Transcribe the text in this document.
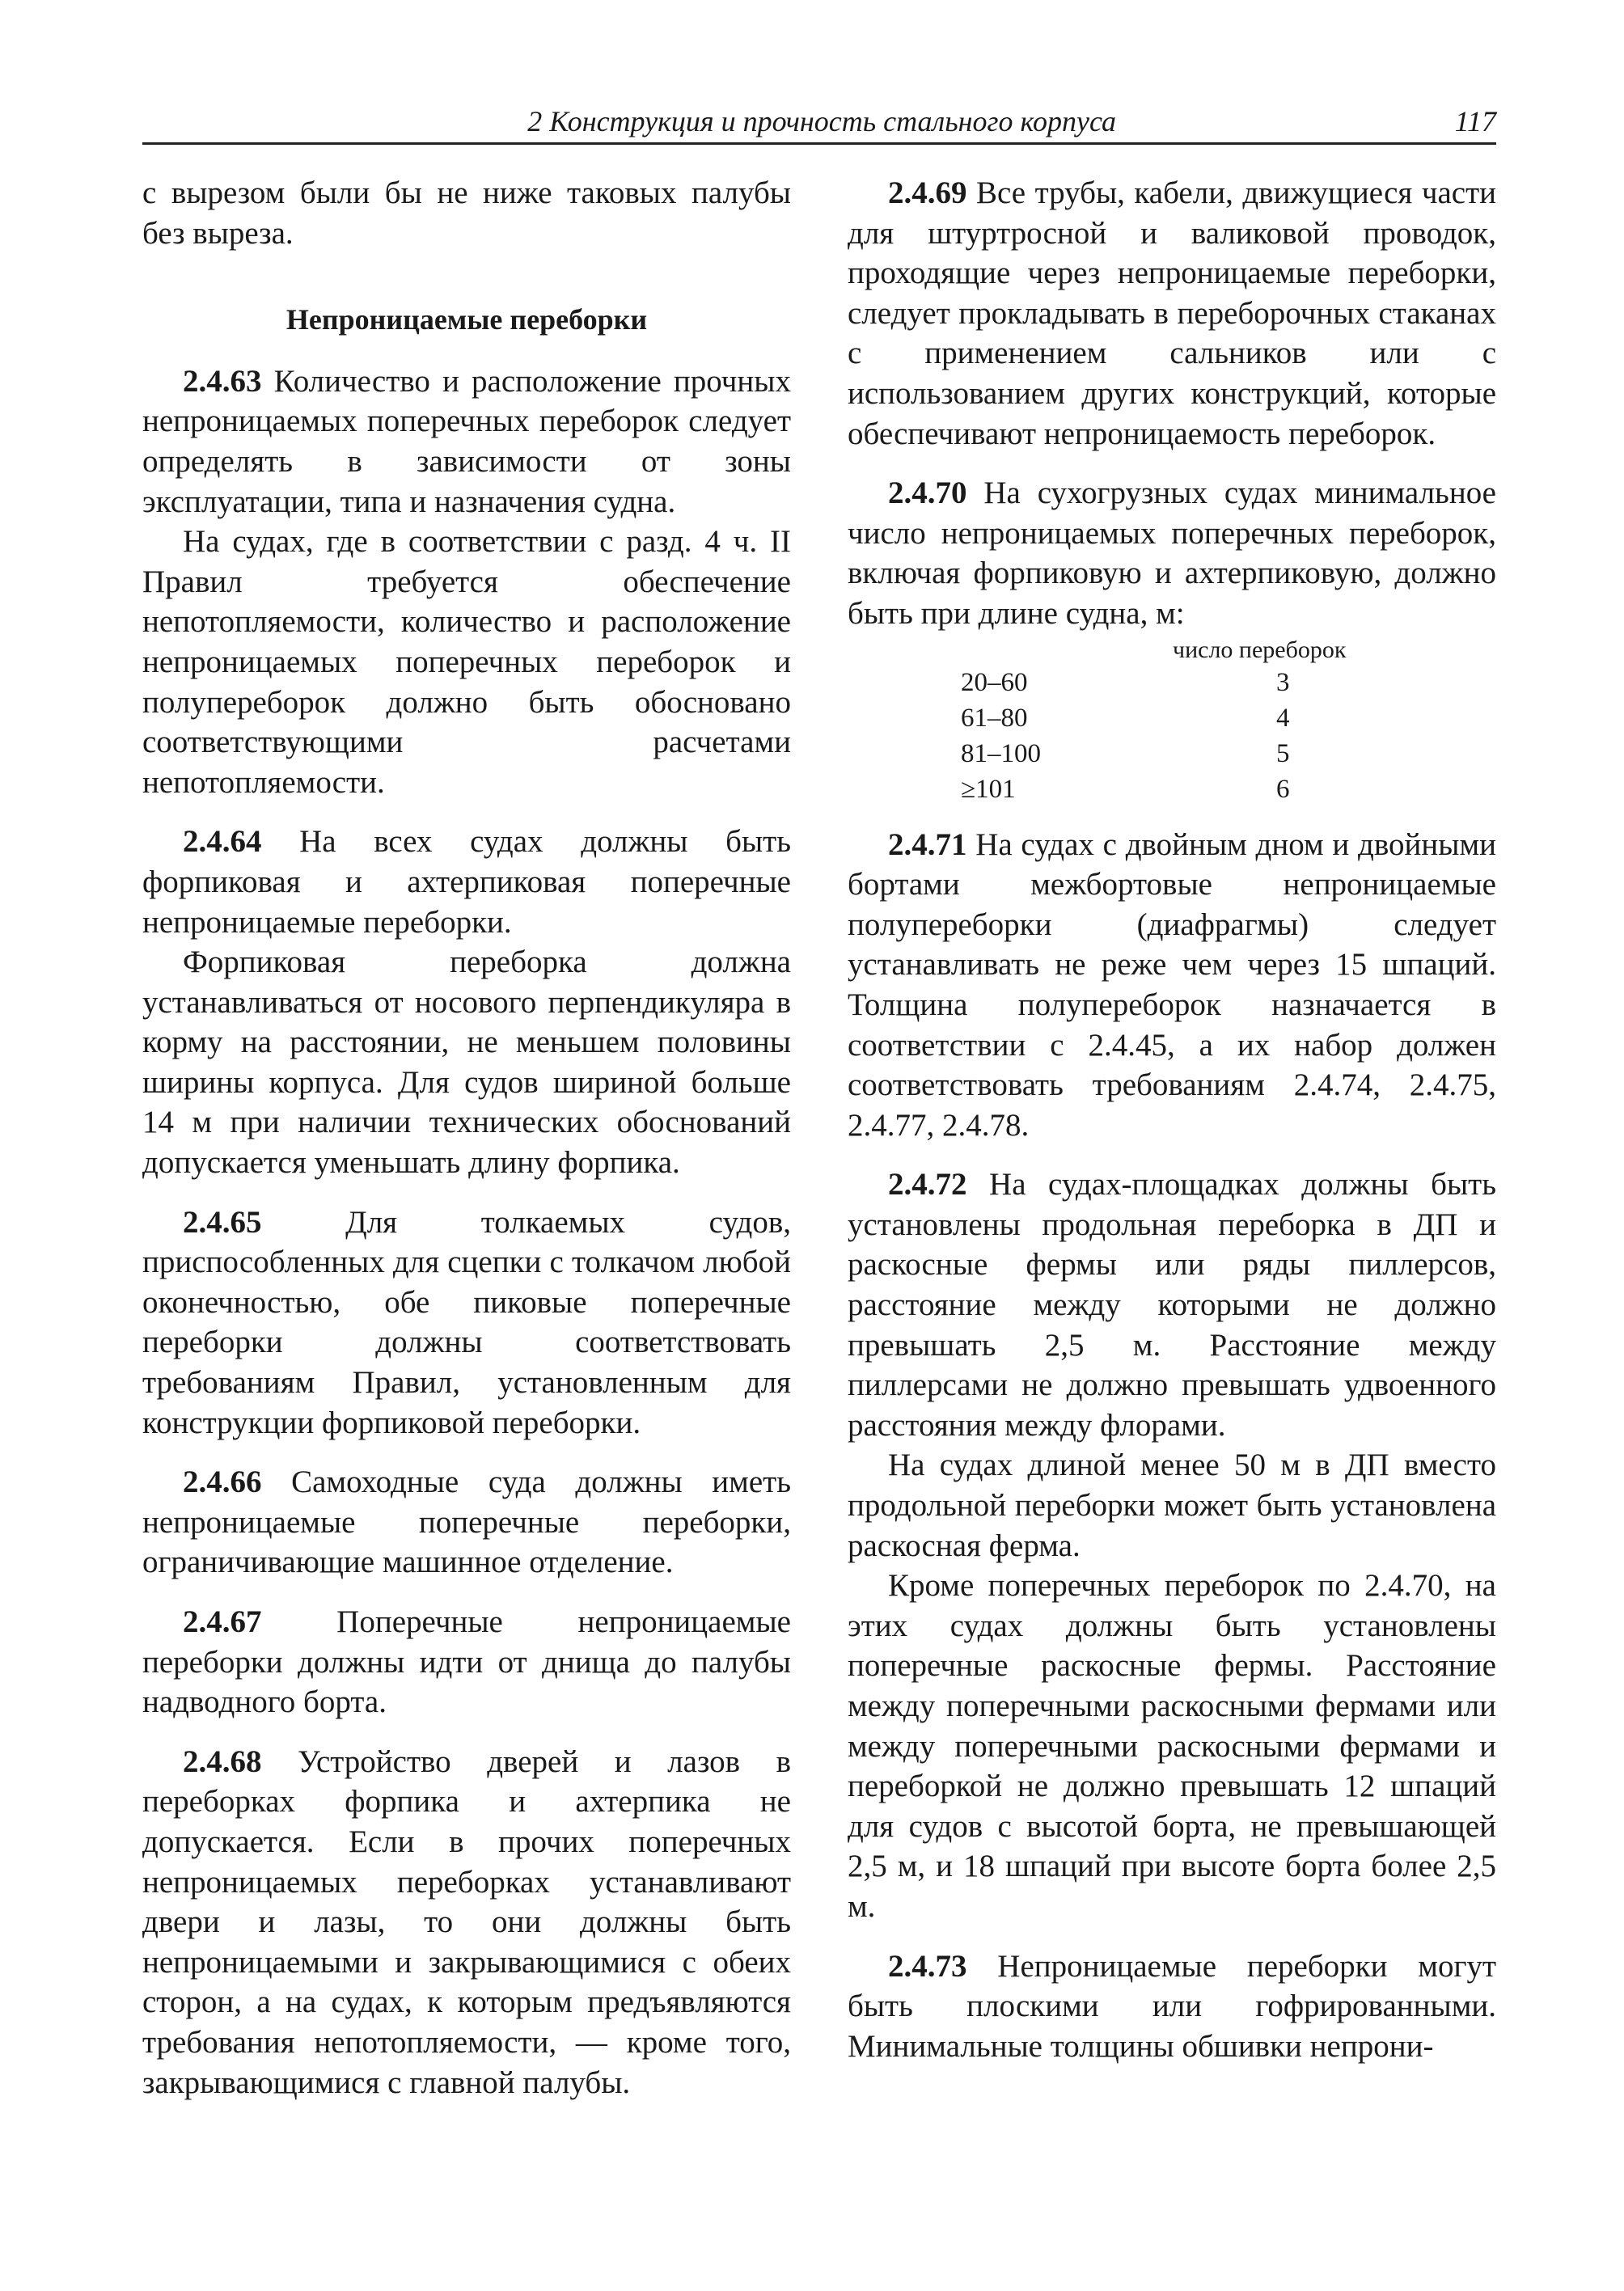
2 Конструкция и прочность стального корпуса	117

с вырезом были бы не ниже таковых палубы без выреза.

Непроницаемые переборки

2.4.63 Количество и расположение прочных непроницаемых поперечных переборок следует определять в зависимости от зоны эксплуатации, типа и назначения судна.

На судах, где в соответствии с разд. 4 ч. II Правил требуется обеспечение непотопляемости, количество и расположение непроницаемых поперечных переборок и полупереборок должно быть обосновано соответствующими расчетами непотопляемости.

2.4.64 На всех судах должны быть форпиковая и ахтерпиковая поперечные непроницаемые переборки.

Форпиковая переборка должна устанавливаться от носового перпендикуляра в корму на расстоянии, не меньшем половины ширины корпуса. Для судов шириной больше 14 м при наличии технических обоснований допускается уменьшать длину форпика.

2.4.65 Для толкаемых судов, приспособленных для сцепки с толкачом любой оконечностью, обе пиковые поперечные переборки должны соответствовать требованиям Правил, установленным для конструкции форпиковой переборки.

2.4.66 Самоходные суда должны иметь непроницаемые поперечные переборки, ограничивающие машинное отделение.

2.4.67 Поперечные непроницаемые переборки должны идти от днища до палубы надводного борта.

2.4.68 Устройство дверей и лазов в переборках форпика и ахтерпика не допускается. Если в прочих поперечных непроницаемых переборках устанавливают двери и лазы, то они должны быть непроницаемыми и закрывающимися с обеих сторон, а на судах, к которым предъявляются требования непотопляемости, — кроме того, закрывающимися с главной палубы.

2.4.69 Все трубы, кабели, движущиеся части для штуртросной и валиковой проводок, проходящие через непроницаемые переборки, следует прокладывать в переборочных стаканах с применением сальников или с использованием других конструкций, которые обеспечивают непроницаемость переборок.

2.4.70 На сухогрузных судах минимальное число непроницаемых поперечных переборок, включая форпиковую и ахтерпиковую, должно быть при длине судна, м:

число переборок
20–60	3
61–80	4
81–100	5
≥101	6

2.4.71 На судах с двойным дном и двойными бортами межбортовые непроницаемые полупереборки (диафрагмы) следует устанавливать не реже чем через 15 шпаций. Толщина полупереборок назначается в соответствии с 2.4.45, а их набор должен соответствовать требованиям 2.4.74, 2.4.75, 2.4.77, 2.4.78.

2.4.72 На судах-площадках должны быть установлены продольная переборка в ДП и раскосные фермы или ряды пиллерсов, расстояние между которыми не должно превышать 2,5 м. Расстояние между пиллерсами не должно превышать удвоенного расстояния между флорами.

На судах длиной менее 50 м в ДП вместо продольной переборки может быть установлена раскосная ферма.

Кроме поперечных переборок по 2.4.70, на этих судах должны быть установлены поперечные раскосные фермы. Расстояние между поперечными раскосными фермами или между поперечными раскосными фермами и переборкой не должно превышать 12 шпаций для судов с высотой борта, не превышающей 2,5 м, и 18 шпаций при высоте борта более 2,5 м.

2.4.73 Непроницаемые переборки могут быть плоскими или гофрированными. Минимальные толщины обшивки непрони-
